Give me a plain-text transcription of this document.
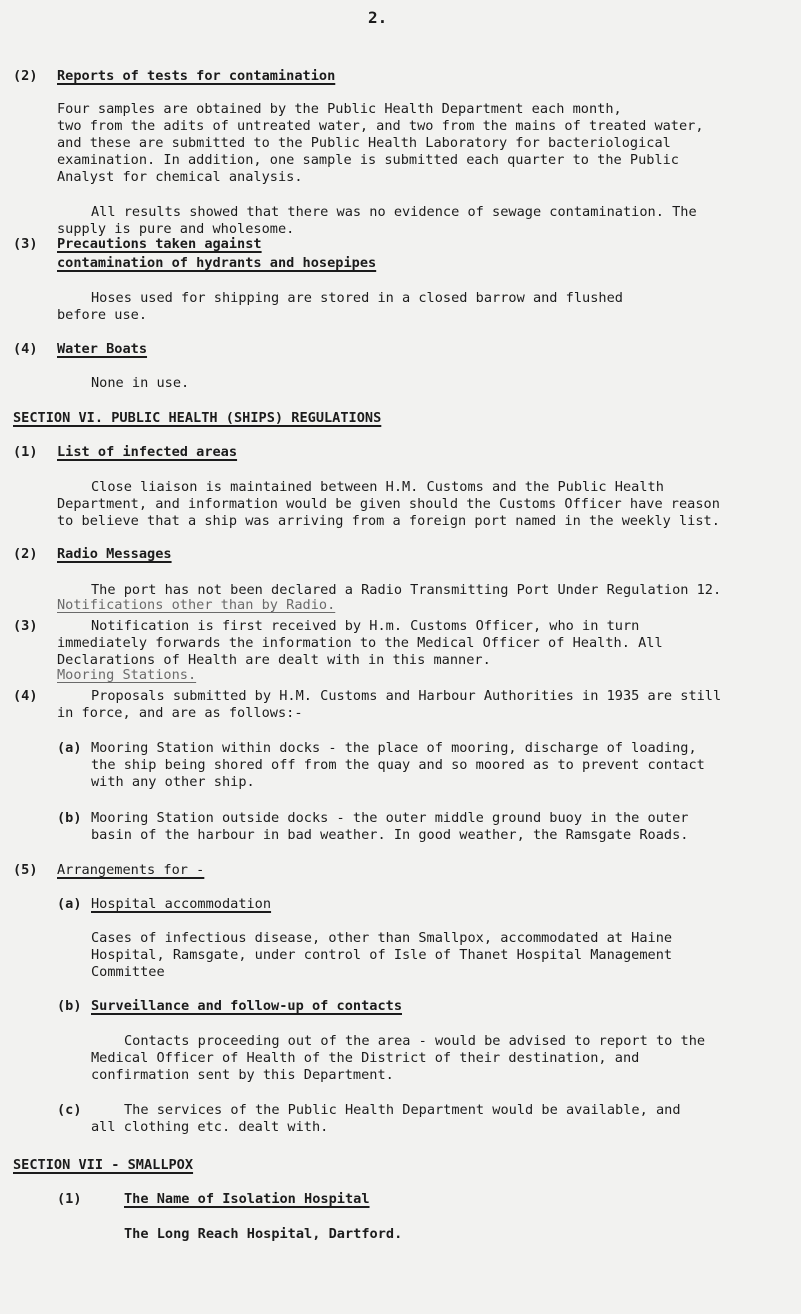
2.
(2) Reports of tests for contamination
Four samples are obtained by the Public Health Department each month,
two from the adits of untreated water, and two from the mains of treated water,
and these are submitted to the Public Health Laboratory for bacteriological
examination. In addition, one sample is submitted each quarter to the Public
Analyst for chemical analysis.
All results showed that there was no evidence of sewage contamination. The
supply is pure and wholesome.
(3) Precautions taken against
contamination of hydrants and hosepipes
Hoses used for shipping are stored in a closed barrow and flushed
before use.
(4) Water Boats
None in use.
SECTION VI. PUBLIC HEALTH (SHIPS) REGULATIONS
(1) List of infected areas
Close liaison is maintained between H.M. Customs and the Public Health
Department, and information would be given should the Customs Officer have reason
to believe that a ship was arriving from a foreign port named in the weekly list.
(2) Radio Messages
The port has not been declared a Radio Transmitting Port Under Regulation 12.
Notifications other than by Radio.
(3)	Notification is first received by H.m. Customs Officer, who in turn
immediately forwards the information to the Medical Officer of Health. All
Declarations of Health are dealt with in this manner.
Mooring Stations.
(4)	Proposals submitted by H.M. Customs and Harbour Authorities in 1935 are still
in force, and are as follows:-
(a) Mooring Station within docks - the place of mooring, discharge of loading,
the ship being shored off from the quay and so moored as to prevent contact
with any other ship.
(b) Mooring Station outside docks - the outer middle ground buoy in the outer
basin of the harbour in bad weather. In good weather, the Ramsgate Roads.
(5) Arrangements for -
(a) Hospital accommodation
Cases of infectious disease, other than Smallpox, accommodated at Haine
Hospital, Ramsgate, under control of Isle of Thanet Hospital Management
Committee
(b) Surveillance and follow-up of contacts
Contacts proceeding out of the area - would be advised to report to the
Medical Officer of Health of the District of their destination, and
confirmation sent by this Department.
(c)	The services of the Public Health Department would be available, and
all clothing etc. dealt with.
SECTION VII - SMALLPOX
(1)	The Name of Isolation Hospital
The Long Reach Hospital, Dartford.
